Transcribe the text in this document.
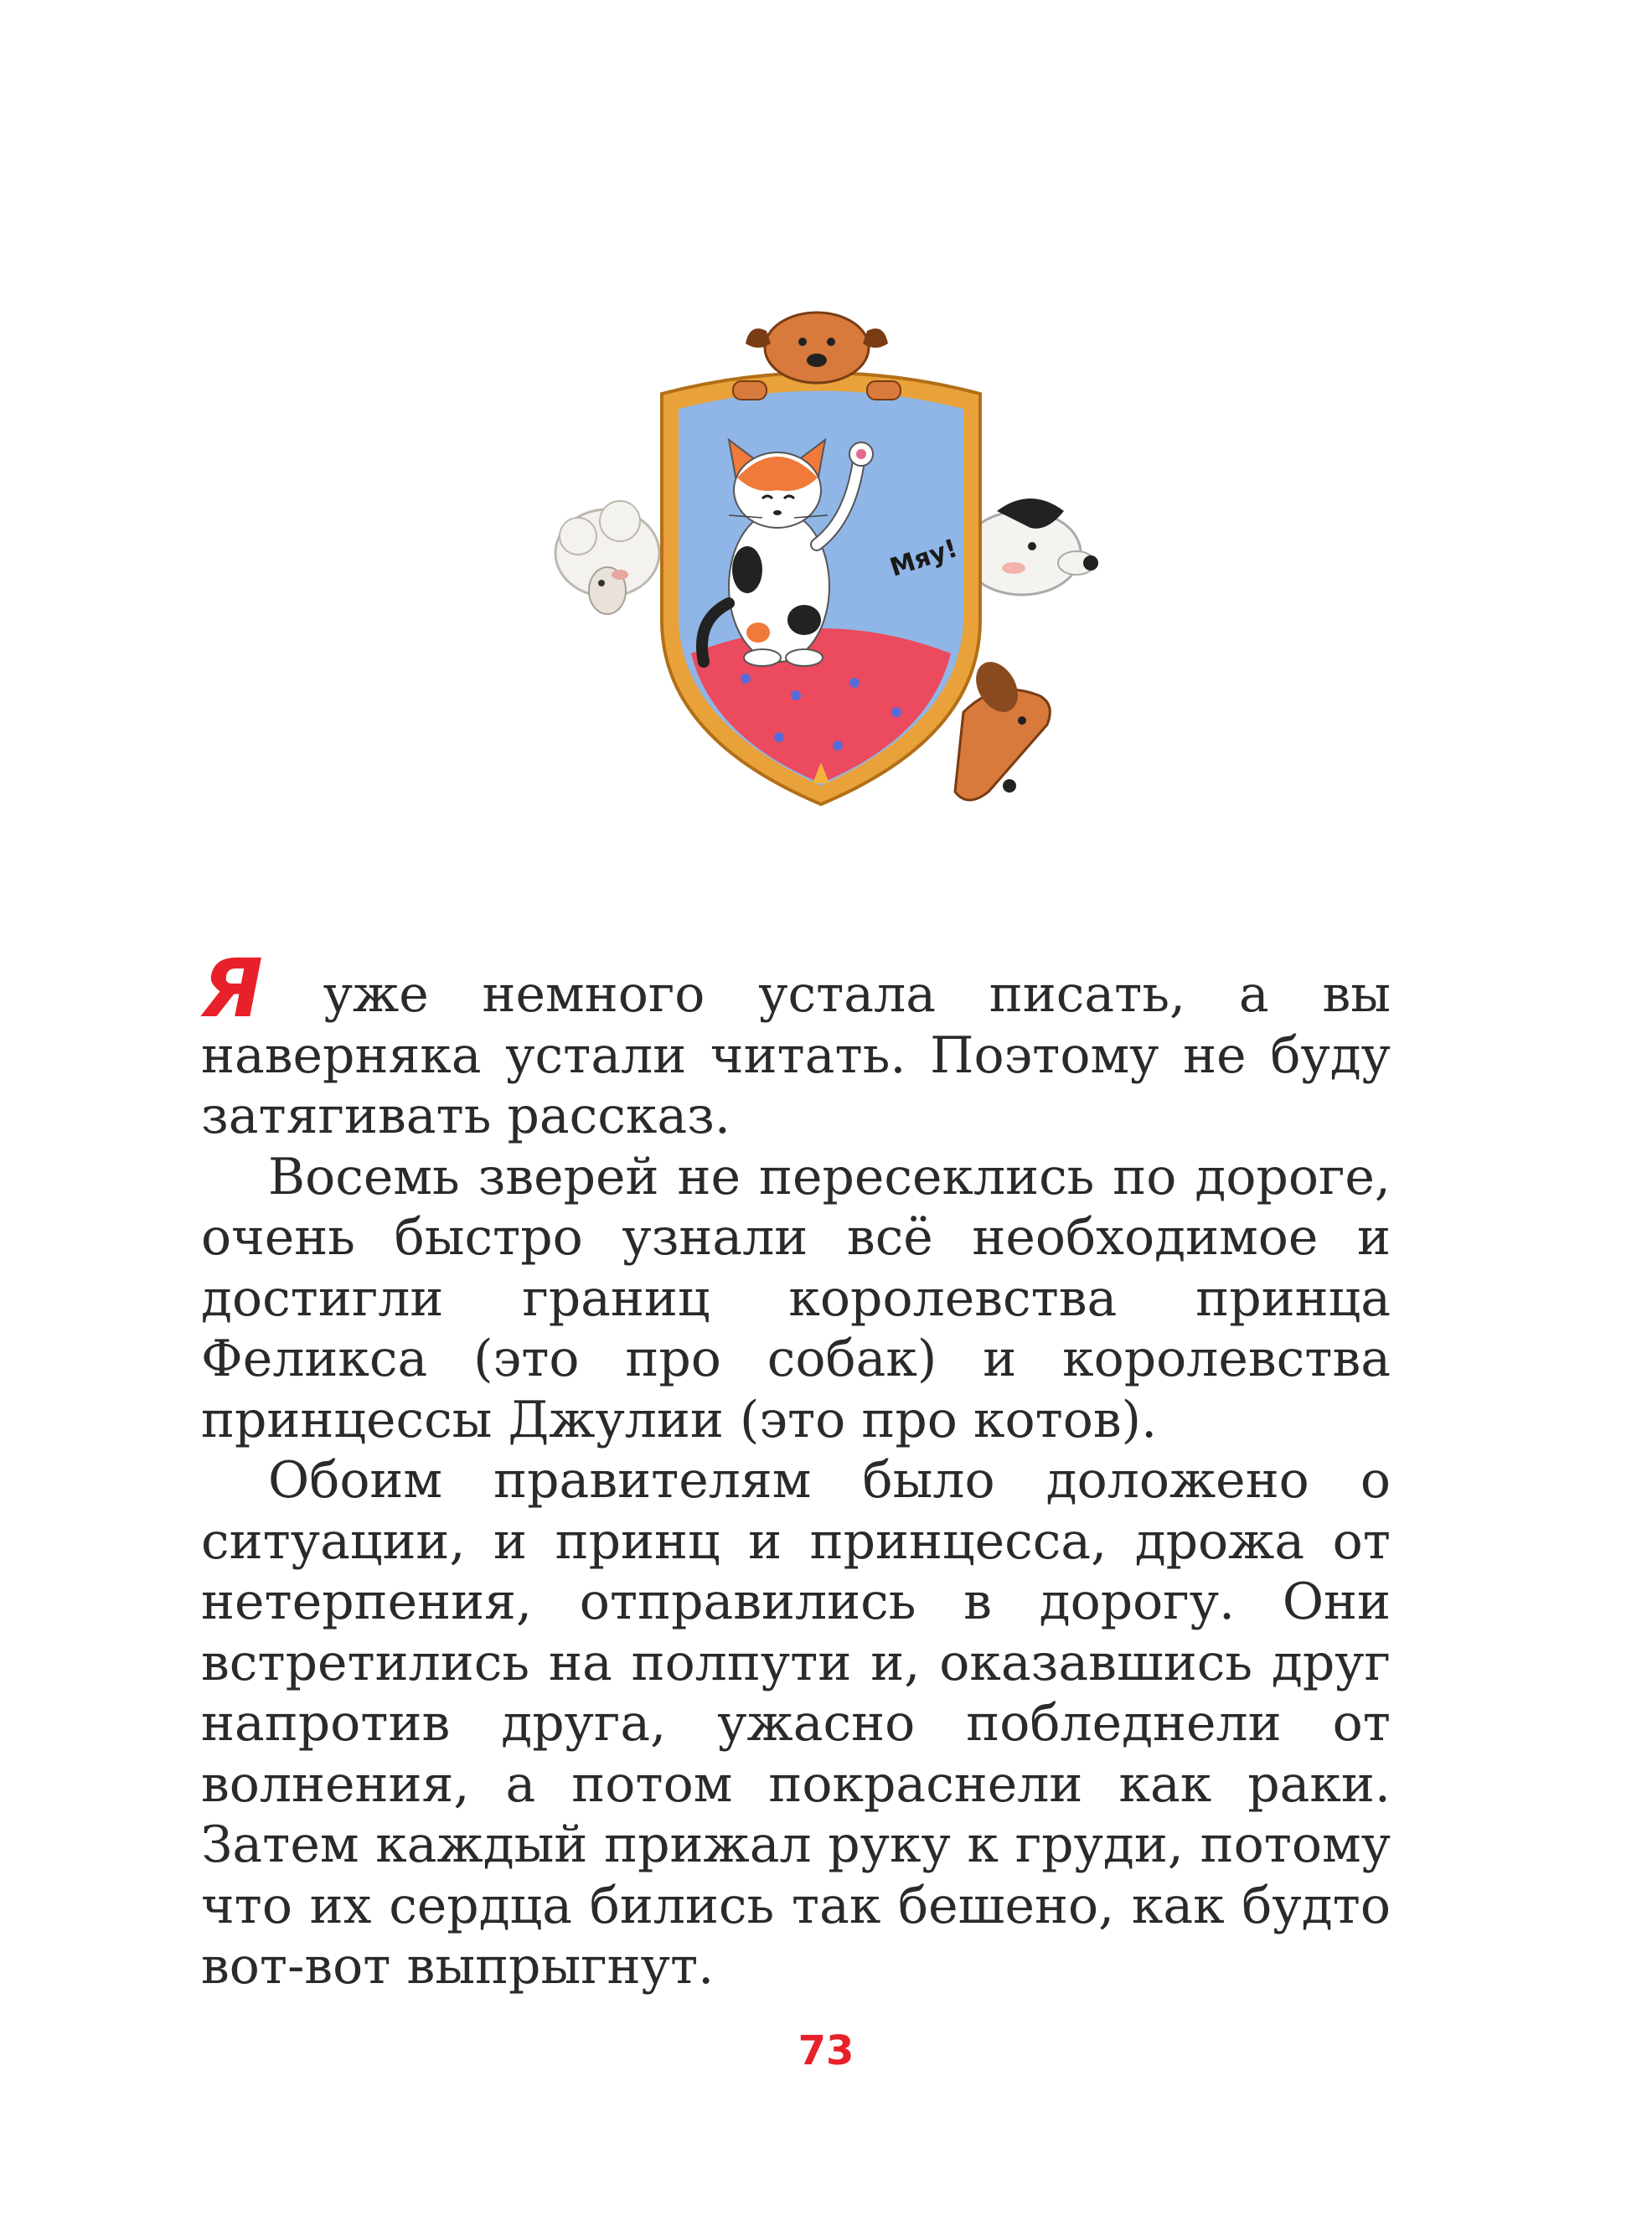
Мяу!

Я уже немного устала писать, а вы наверняка устали читать. Поэтому не буду затягивать рассказ.

Восемь зверей не пересеклись по дороге, очень быстро узнали всё необходимое и достигли границ королевства принца Феликса (это про собак) и королевства принцессы Джулии (это про котов).

Обоим правителям было доложено о ситуации, и принц и принцесса, дрожа от нетерпения, отправились в дорогу. Они встретились на полпути и, оказавшись друг напротив друга, ужасно побледнели от волнения, а потом покраснели как раки. Затем каждый прижал руку к груди, потому что их сердца бились так бешено, как будто вот-вот выпрыгнут.

73
